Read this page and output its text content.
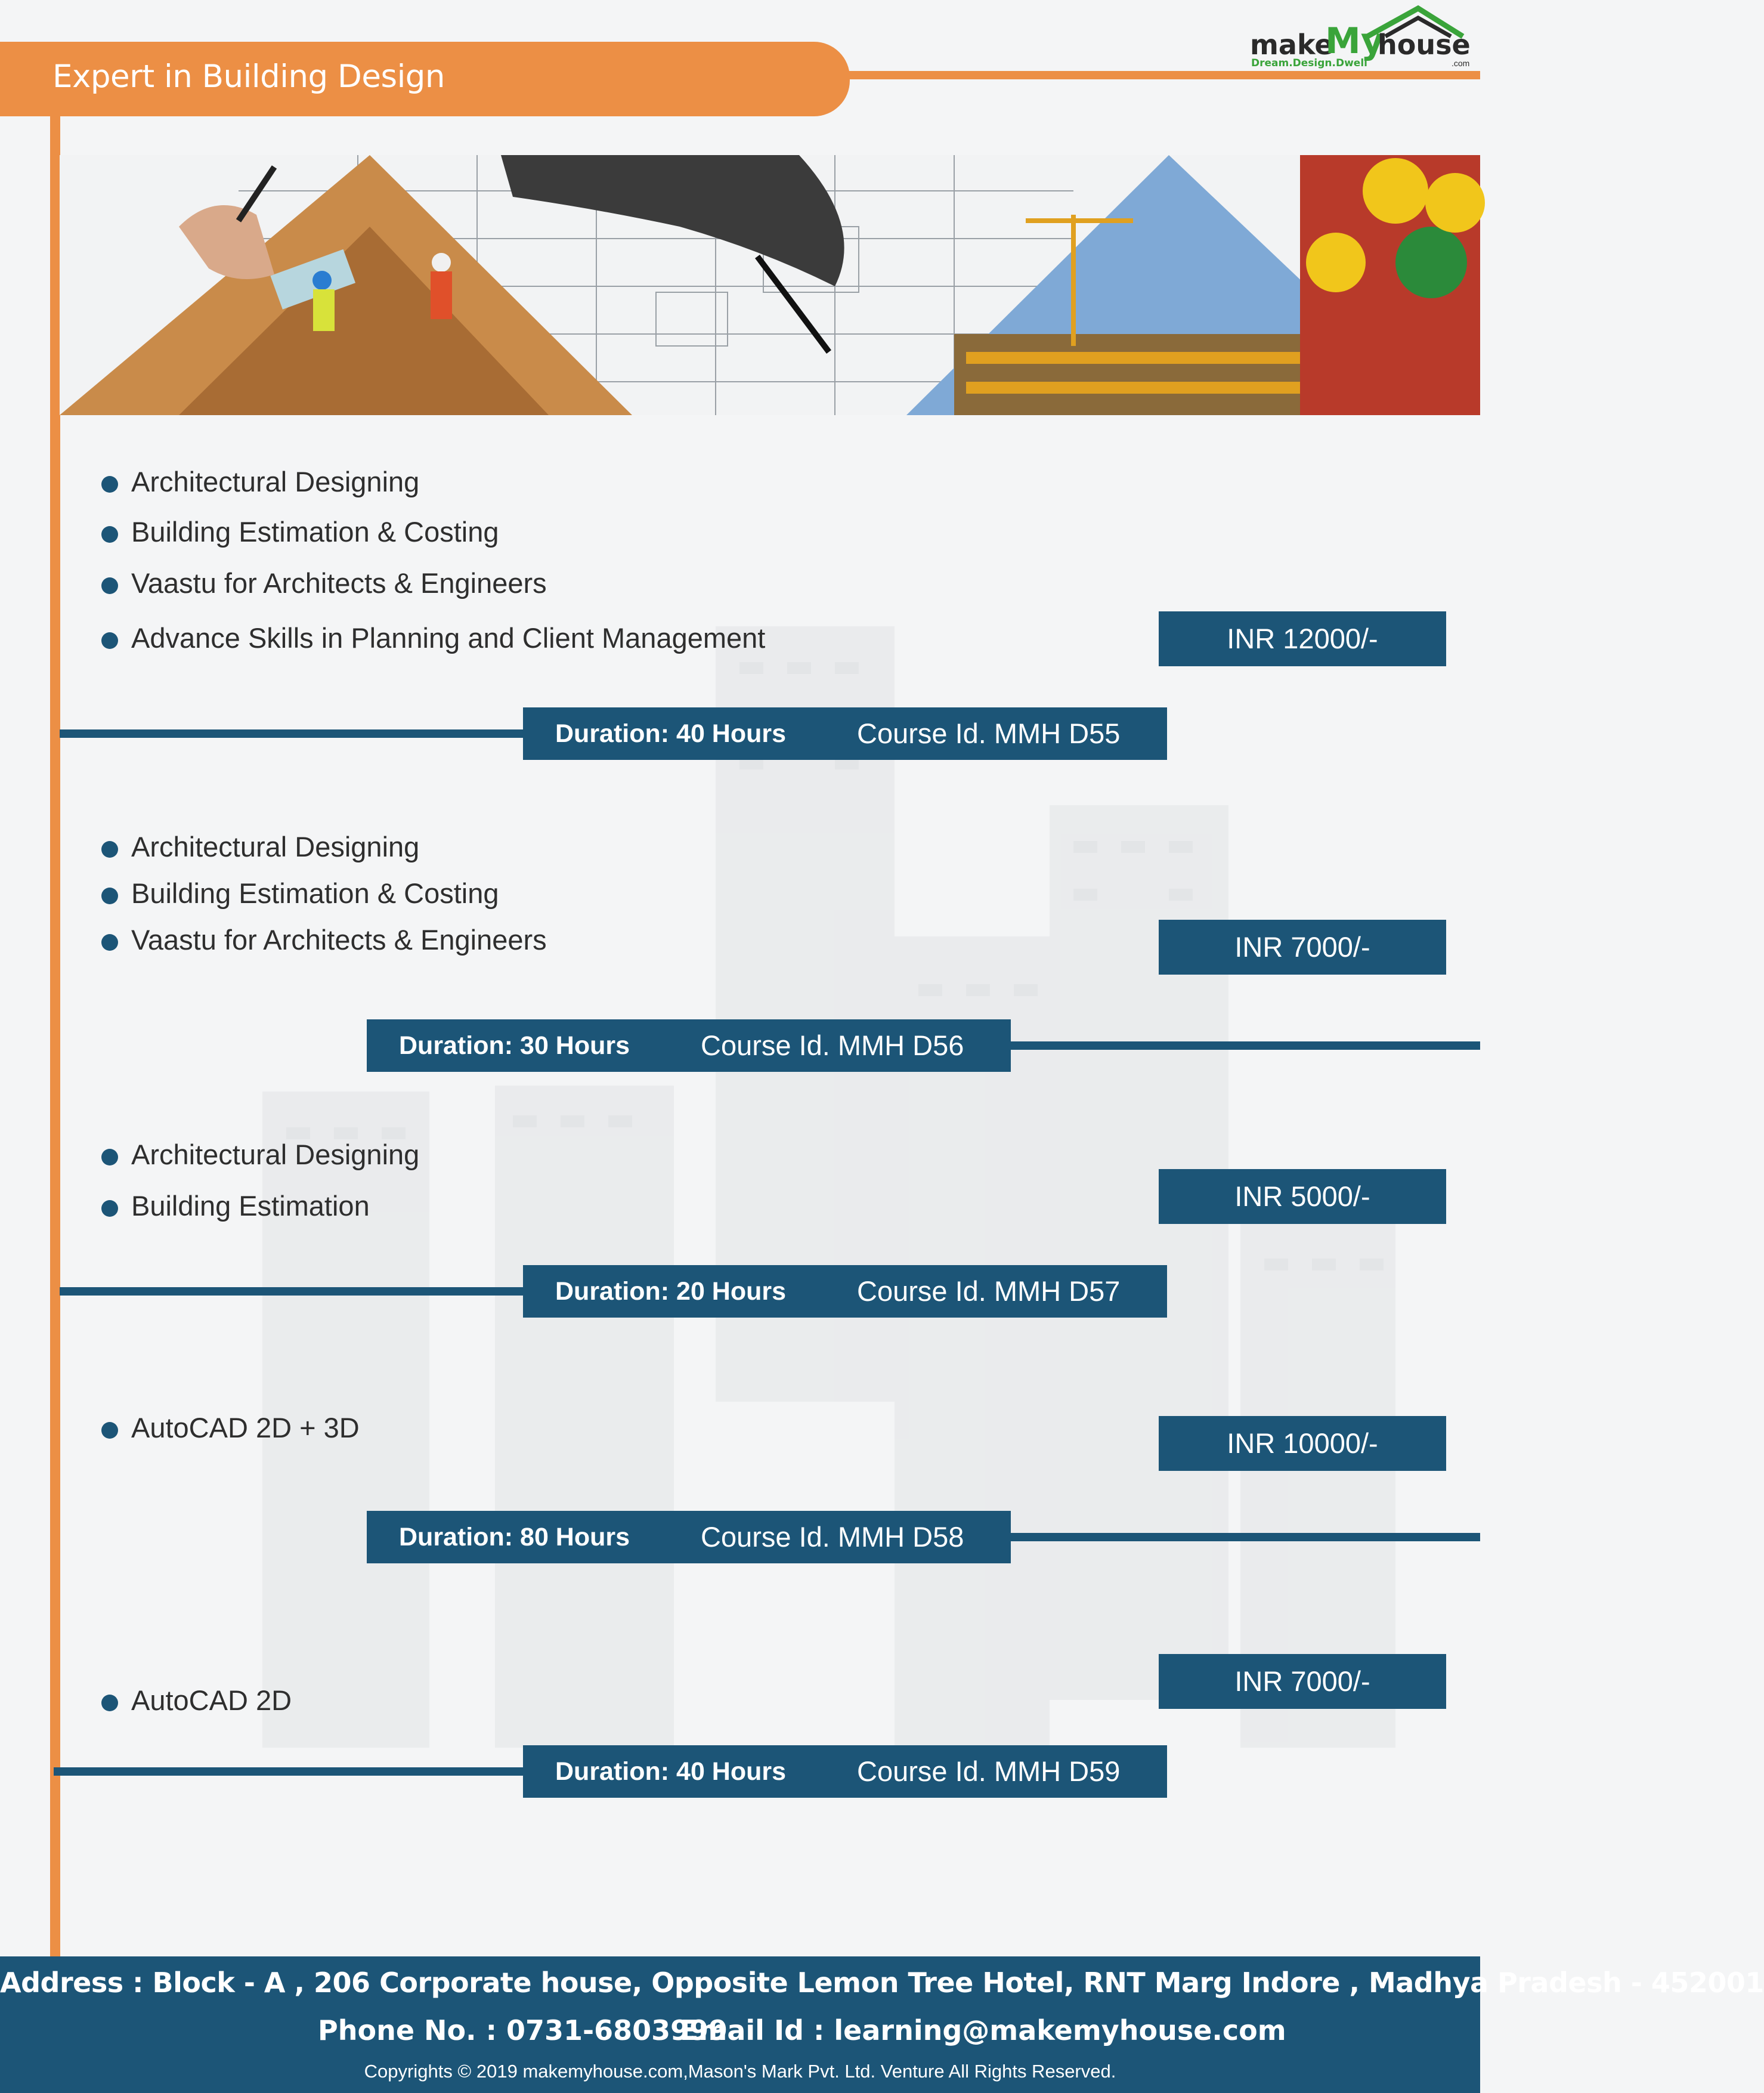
Expert in Building Design
make
My
house
Dream.Design.Dwell	.com
Architectural Designing
Building Estimation & Costing
Vaastu for Architects & Engineers
Advance Skills in Planning and Client Management	INR 12000/-
Duration: 40 Hours	Course Id. MMH D55
Architectural Designing
Building Estimation & Costing
Vaastu for Architects & Engineers	INR 7000/-
Duration: 30 Hours	Course Id. MMH D56
Architectural Designing
Building Estimation	INR 5000/-
Duration: 20 Hours	Course Id. MMH D57
AutoCAD 2D + 3D	INR 10000/-
Duration: 80 Hours	Course Id. MMH D58
AutoCAD 2D
INR 7000/-
Duration: 40 Hours	Course Id. MMH D59
Address : Block - A , 206 Corporate house, Opposite Lemon Tree Hotel, RNT Marg Indore , Madhya Pradesh - 452001
Phone No. : 0731-6803999
Email Id : learning@makemyhouse.com
Copyrights © 2019 makemyhouse.com,Mason's Mark Pvt. Ltd. Venture All Rights Reserved.
